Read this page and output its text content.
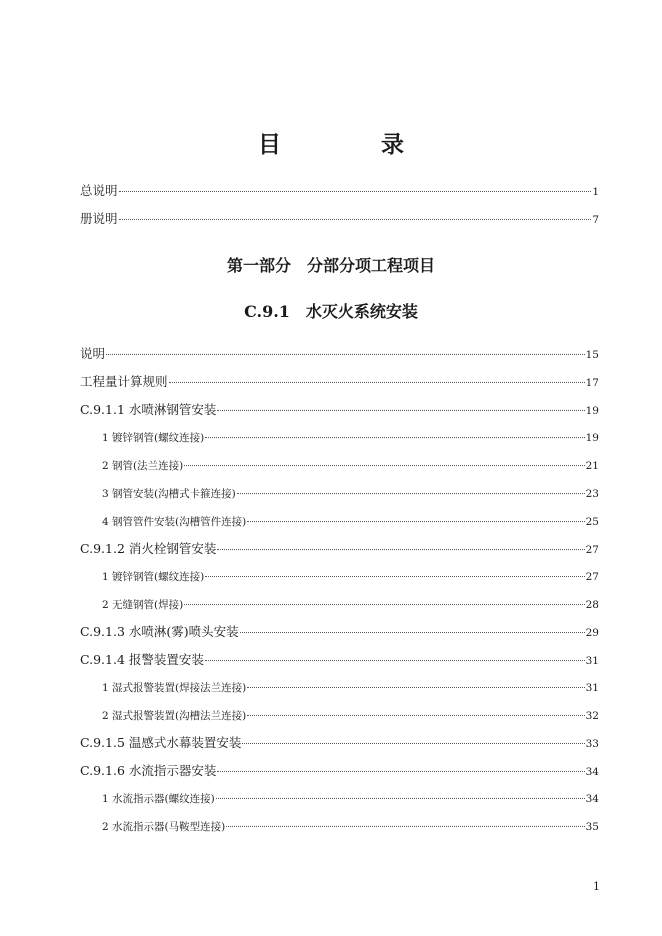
目 录
总说明	1
册说明	7
第一部分　分部分项工程项目
C.9.1　水灭火系统安装
说明	15
工程量计算规则	17
C.9.1.1 水喷淋钢管安装	19
1 镀锌钢管(螺纹连接)	19
2 钢管(法兰连接)	21
3 钢管安装(沟槽式卡箍连接)	23
4 钢管管件安装(沟槽管件连接)	25
C.9.1.2 消火栓钢管安装	27
1 镀锌钢管(螺纹连接)	27
2 无缝钢管(焊接)	28
C.9.1.3 水喷淋(雾)喷头安装	29
C.9.1.4 报警装置安装	31
1 湿式报警装置(焊接法兰连接)	31
2 湿式报警装置(沟槽法兰连接)	32
C.9.1.5 温感式水幕装置安装	33
C.9.1.6 水流指示器安装	34
1 水流指示器(螺纹连接)	34
2 水流指示器(马鞍型连接)	35
1
